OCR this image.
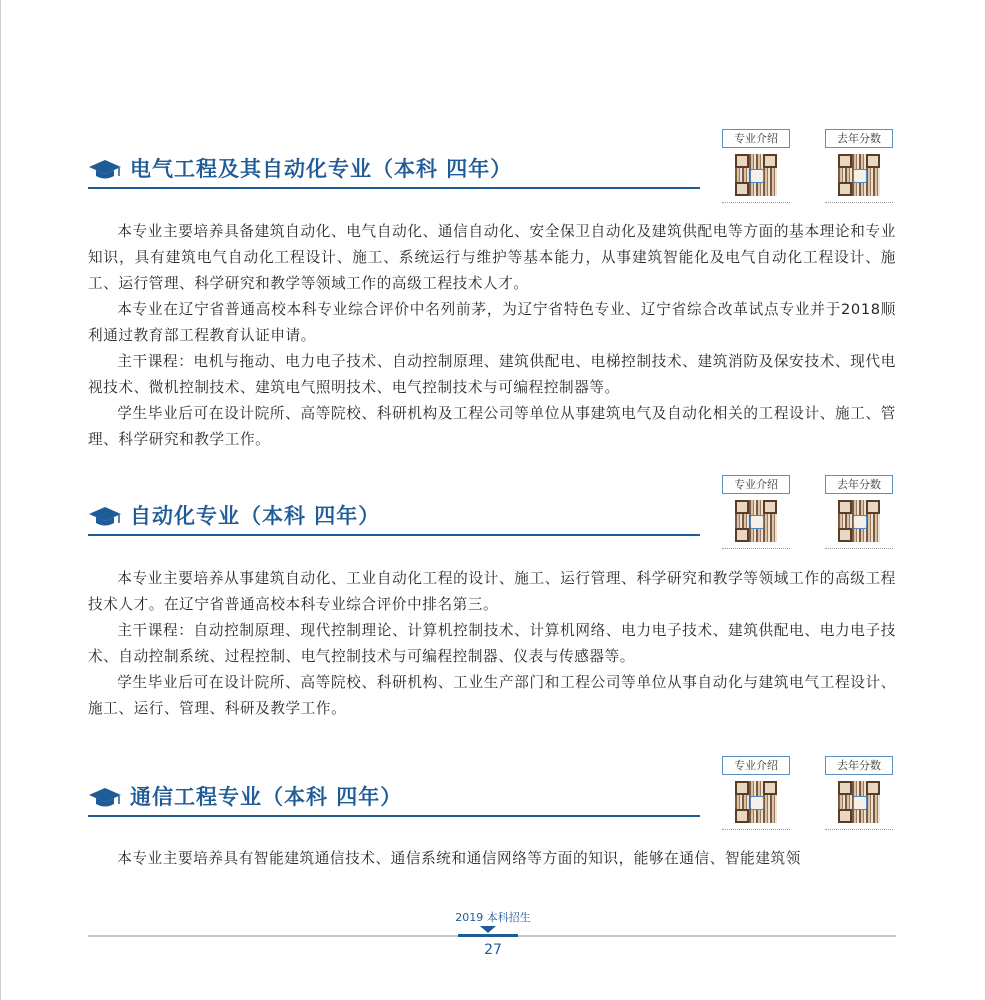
电气工程及其自动化专业（本科 四年）
专业介绍	去年分数

本专业主要培养具备建筑自动化、电气自动化、通信自动化、安全保卫自动化及建筑供配电等方面的基本理论和专业知识，具有建筑电气自动化工程设计、施工、系统运行与维护等基本能力，从事建筑智能化及电气自动化工程设计、施工、运行管理、科学研究和教学等领域工作的高级工程技术人才。

本专业在辽宁省普通高校本科专业综合评价中名列前茅，为辽宁省特色专业、辽宁省综合改革试点专业并于2018顺利通过教育部工程教育认证申请。

主干课程：电机与拖动、电力电子技术、自动控制原理、建筑供配电、电梯控制技术、建筑消防及保安技术、现代电视技术、微机控制技术、建筑电气照明技术、电气控制技术与可编程控制器等。

学生毕业后可在设计院所、高等院校、科研机构及工程公司等单位从事建筑电气及自动化相关的工程设计、施工、管理、科学研究和教学工作。

自动化专业（本科 四年）
专业介绍	去年分数

本专业主要培养从事建筑自动化、工业自动化工程的设计、施工、运行管理、科学研究和教学等领域工作的高级工程技术人才。在辽宁省普通高校本科专业综合评价中排名第三。

主干课程：自动控制原理、现代控制理论、计算机控制技术、计算机网络、电力电子技术、建筑供配电、电力电子技术、自动控制系统、过程控制、电气控制技术与可编程控制器、仪表与传感器等。

学生毕业后可在设计院所、高等院校、科研机构、工业生产部门和工程公司等单位从事自动化与建筑电气工程设计、施工、运行、管理、科研及教学工作。

通信工程专业（本科 四年）
专业介绍	去年分数

本专业主要培养具有智能建筑通信技术、通信系统和通信网络等方面的知识，能够在通信、智能建筑领

2019 本科招生
27
